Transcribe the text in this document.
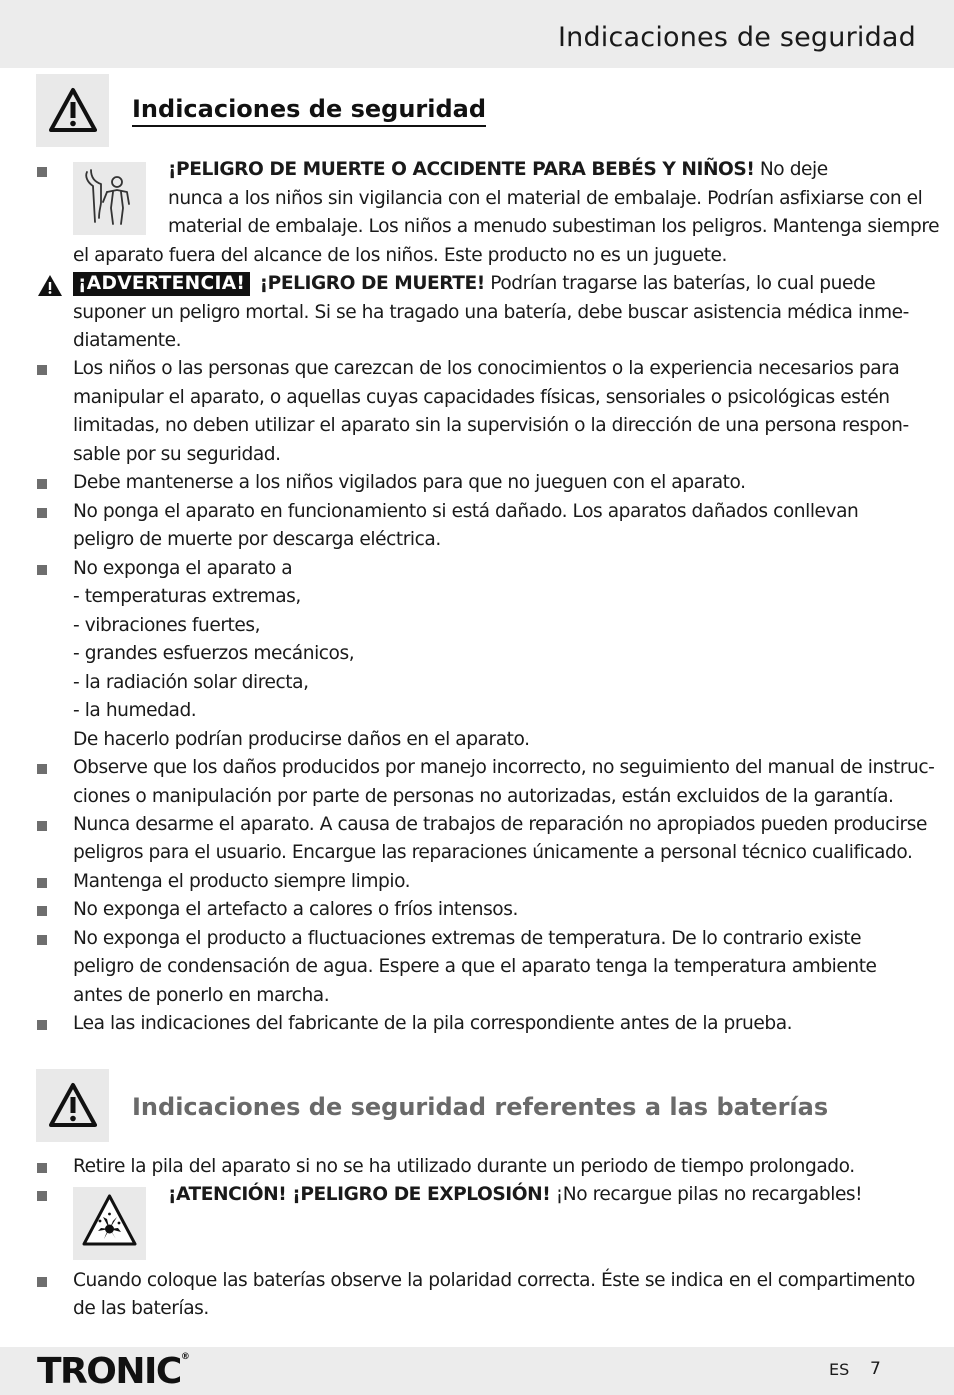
Indicaciones de seguridad
Indicaciones de seguridad
¡PELIGRO DE MUERTE O ACCIDENTE PARA BEBÉS Y NIÑOS! No deje
nunca a los niños sin vigilancia con el material de embalaje. Podrían asfixiarse con el
material de embalaje. Los niños a menudo subestiman los peligros. Mantenga siempre
el aparato fuera del alcance de los niños. Este producto no es un juguete.
¡ADVERTENCIA! ¡PELIGRO DE MUERTE! Podrían tragarse las baterías, lo cual puede
suponer un peligro mortal. Si se ha tragado una batería, debe buscar asistencia médica inme-
diatamente.
Los niños o las personas que carezcan de los conocimientos o la experiencia necesarios para
manipular el aparato, o aquellas cuyas capacidades físicas, sensoriales o psicológicas estén
limitadas, no deben utilizar el aparato sin la supervisión o la dirección de una persona respon-
sable por su seguridad.
Debe mantenerse a los niños vigilados para que no jueguen con el aparato.
No ponga el aparato en funcionamiento si está dañado. Los aparatos dañados conllevan
peligro de muerte por descarga eléctrica.
No exponga el aparato a
- temperaturas extremas,
- vibraciones fuertes,
- grandes esfuerzos mecánicos,
- la radiación solar directa,
- la humedad.
De hacerlo podrían producirse daños en el aparato.
Observe que los daños producidos por manejo incorrecto, no seguimiento del manual de instruc-
ciones o manipulación por parte de personas no autorizadas, están excluidos de la garantía.
Nunca desarme el aparato. A causa de trabajos de reparación no apropiados pueden producirse
peligros para el usuario. Encargue las reparaciones únicamente a personal técnico cualificado.
Mantenga el producto siempre limpio.
No exponga el artefacto a calores o fríos intensos.
No exponga el producto a fluctuaciones extremas de temperatura. De lo contrario existe
peligro de condensación de agua. Espere a que el aparato tenga la temperatura ambiente
antes de ponerlo en marcha.
Lea las indicaciones del fabricante de la pila correspondiente antes de la prueba.
Indicaciones de seguridad referentes a las baterías
Retire la pila del aparato si no se ha utilizado durante un periodo de tiempo prolongado.
¡ATENCIÓN! ¡PELIGRO DE EXPLOSIÓN! ¡No recargue pilas no recargables!
Cuando coloque las baterías observe la polaridad correcta. Éste se indica en el compartimento
de las baterías.
TRONIC®
ES 7
